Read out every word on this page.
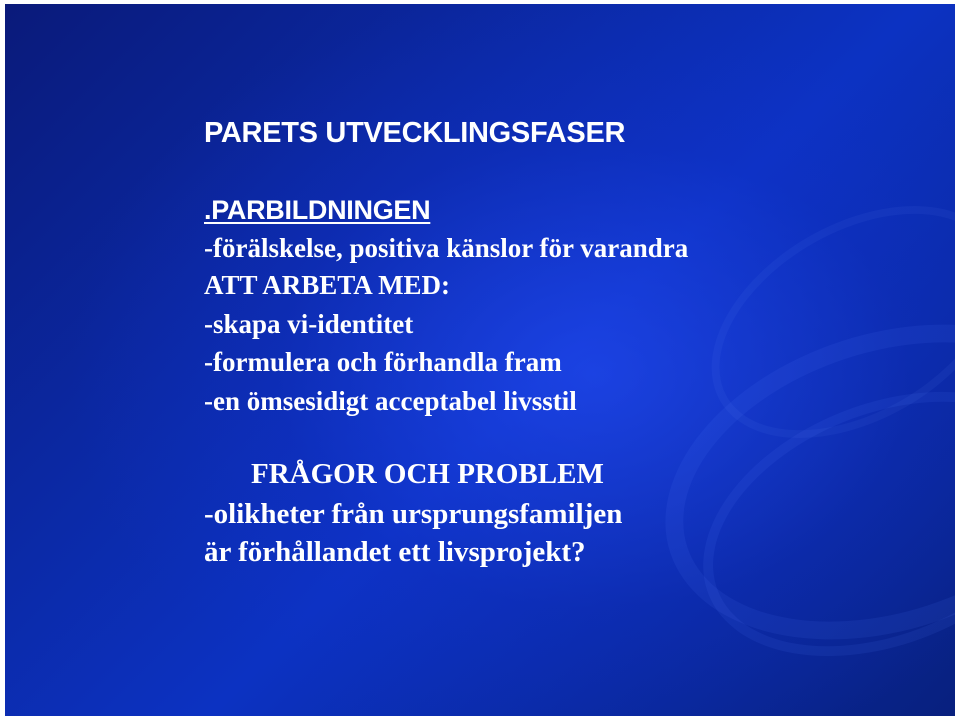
PARETS UTVECKLINGSFASER
.PARBILDNINGEN
-förälskelse, positiva känslor för varandra
ATT ARBETA MED:
-skapa vi-identitet
-formulera och förhandla fram
-en ömsesidigt acceptabel livsstil
FRÅGOR OCH PROBLEM
-olikheter från ursprungsfamiljen
är förhållandet ett livsprojekt?
